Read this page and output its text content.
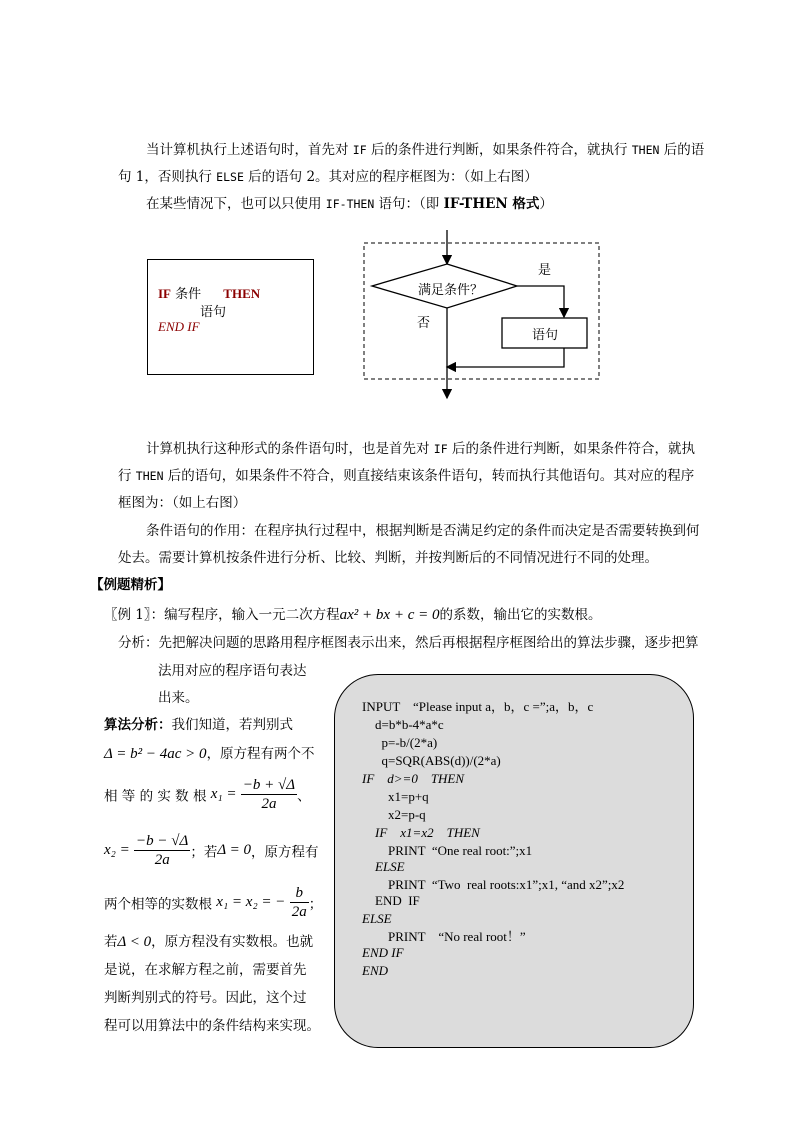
当计算机执行上述语句时，首先对 IF 后的条件进行判断，如果条件符合，就执行 THEN 后的语
句 1，否则执行 ELSE 后的语句 2。其对应的程序框图为：（如上右图）
在某些情况下，也可以只使用 IF-THEN 语句：（即 IF-THEN 格式）
IF 条件 THEN
语句
END IF
满足条件？
是
否
语句
计算机执行这种形式的条件语句时，也是首先对 IF 后的条件进行判断，如果条件符合，就执
行 THEN 后的语句，如果条件不符合，则直接结束该条件语句，转而执行其他语句。其对应的程序
框图为：（如上右图）
条件语句的作用：在程序执行过程中，根据判断是否满足约定的条件而决定是否需要转换到何
处去。需要计算机按条件进行分析、比较、判断，并按判断后的不同情况进行不同的处理。
【例题精析】
〖例 1〗：编写程序，输入一元二次方程ax² + bx + c = 0的系数，输出它的实数根。
分析：先把解决问题的思路用程序框图表示出来，然后再根据程序框图给出的算法步骤，逐步把算
法用对应的程序语句表达
出来。
算法分析：我们知道，若判别式
Δ = b² − 4ac > 0，原方程有两个不
相 等 的 实 数 根 $x_1 = \frac{-b + √\Delta}{2a}$ 、
$x_2 = \frac{-b - √\Delta}{2a}$ ；若Δ = 0，原方程有
两个相等的实数根 x₁ = x₂ = − $\frac{b}{2a}$ ；
若Δ < 0，原方程没有实数根。也就
是说，在求解方程之前，需要首先
判断判别式的符号。因此，这个过
程可以用算法中的条件结构来实现。
INPUT    “Please input a，b，c =”;a，b，c
d=b*b-4*a*c
p=-b/(2*a)
q=SQR(ABS(d))/(2*a)
IF    d>=0    THEN
x1=p+q
x2=p-q
IF    x1=x2    THEN
PRINT  “One real root:”;x1
ELSE
PRINT  “Two  real roots:x1”;x1, “and x2”;x2
END  IF
ELSE
PRINT    “No real root！”
END IF
END
